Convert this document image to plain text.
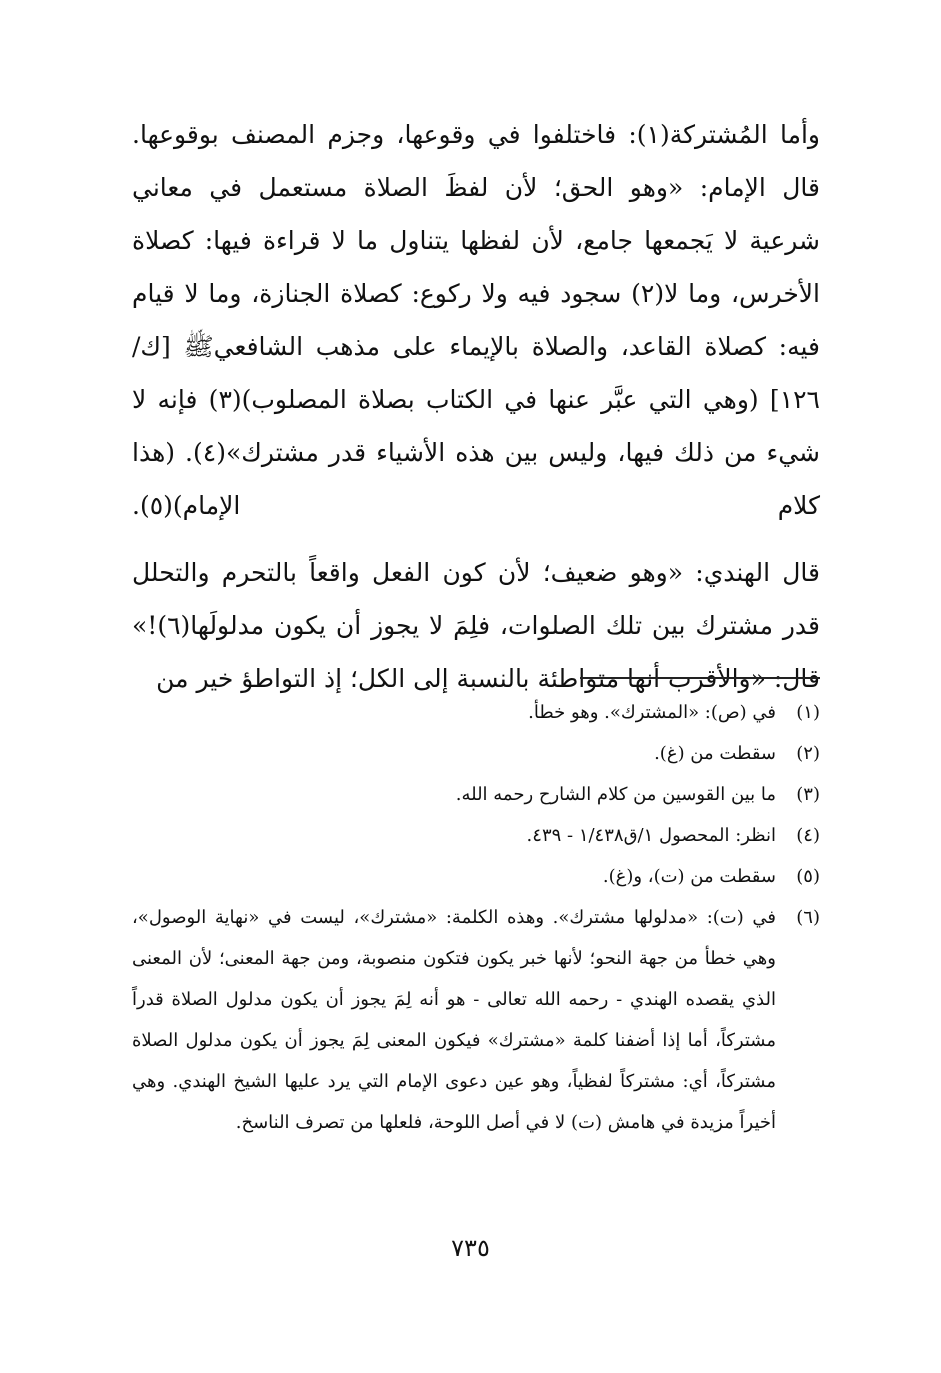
وأما المُشتركة(١): فاختلفوا في وقوعها، وجزم المصنف بوقوعها. قال الإمام: «وهو الحق؛ لأن لفظَ الصلاة مستعمل في معاني شرعية لا يَجمعها جامع، لأن لفظها يتناول ما لا قراءة فيها: كصلاة الأخرس، وما لا(٢) سجود فيه ولا ركوع: كصلاة الجنازة، وما لا قيام فيه: كصلاة القاعد، والصلاة بالإيماء على مذهب الشافعيﷺ [ك/١٢٦] (وهي التي عبَّر عنها في الكتاب بصلاة المصلوب)(٣) فإنه لا شيء من ذلك فيها، وليس بين هذه الأشياء قدر مشترك»(٤). (هذا كلام الإمام)(٥).

قال الهندي: «وهو ضعيف؛ لأن كون الفعل واقعاً بالتحرم والتحلل قدر مشترك بين تلك الصلوات، فلِمَ لا يجوز أن يكون مدلولَها(٦)!» قال: «والأقرب أنها متواطئة بالنسبة إلى الكل؛ إذ التواطؤ خير من

(١)
في (ص): «المشترك». وهو خطأ.
(٢)
سقطت من (غ).
(٣)
ما بين القوسين من كلام الشارح رحمه الله.
(٤)
انظر: المحصول ١/ق١/٤٣٨ - ٤٣٩.
(٥)
سقطت من (ت)، و(غ).
(٦)
في (ت): «مدلولها مشترك». وهذه الكلمة: «مشترك»، ليست في «نهاية الوصول»، وهي خطأ من جهة النحو؛ لأنها خبر يكون فتكون منصوبة، ومن جهة المعنى؛ لأن المعنى الذي يقصده الهندي - رحمه الله تعالى - هو أنه لِمَ يجوز أن يكون مدلول الصلاة قدراً مشتركاً، أما إذا أضفنا كلمة «مشترك» فيكون المعنى لِمَ يجوز أن يكون مدلول الصلاة مشتركاً، أي: مشتركاً لفظياً، وهو عين دعوى الإمام التي يرد عليها الشيخ الهندي. وهي أخيراً مزيدة في هامش (ت) لا في أصل اللوحة، فلعلها من تصرف الناسخ.
٧٣٥
